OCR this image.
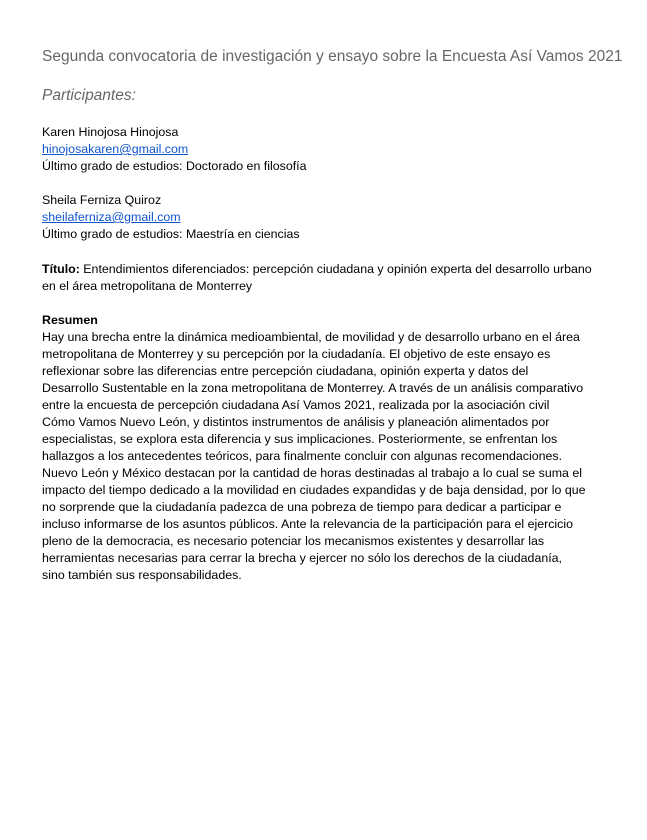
Segunda convocatoria de investigación y ensayo sobre la Encuesta Así Vamos 2021
Participantes:
Karen Hinojosa Hinojosa
hinojosakaren@gmail.com
Último grado de estudios: Doctorado en filosofía
Sheila Ferniza Quiroz
sheilaferniza@gmail.com
Último grado de estudios: Maestría en ciencias
Título: Entendimientos diferenciados: percepción ciudadana y opinión experta del desarrollo urbano en el área metropolitana de Monterrey
Resumen
Hay una brecha entre la dinámica medioambiental, de movilidad y de desarrollo urbano en el área
metropolitana de Monterrey y su percepción por la ciudadanía. El objetivo de este ensayo es
reflexionar sobre las diferencias entre percepción ciudadana, opinión experta y datos del
Desarrollo Sustentable en la zona metropolitana de Monterrey. A través de un análisis comparativo
entre la encuesta de percepción ciudadana Así Vamos 2021, realizada por la asociación civil
Cómo Vamos Nuevo León, y distintos instrumentos de análisis y planeación alimentados por
especialistas, se explora esta diferencia y sus implicaciones. Posteriormente, se enfrentan los
hallazgos a los antecedentes teóricos, para finalmente concluir con algunas recomendaciones.
Nuevo León y México destacan por la cantidad de horas destinadas al trabajo a lo cual se suma el
impacto del tiempo dedicado a la movilidad en ciudades expandidas y de baja densidad, por lo que
no sorprende que la ciudadanía padezca de una pobreza de tiempo para dedicar a participar e
incluso informarse de los asuntos públicos. Ante la relevancia de la participación para el ejercicio
pleno de la democracia, es necesario potenciar los mecanismos existentes y desarrollar las
herramientas necesarias para cerrar la brecha y ejercer no sólo los derechos de la ciudadanía,
sino también sus responsabilidades.
